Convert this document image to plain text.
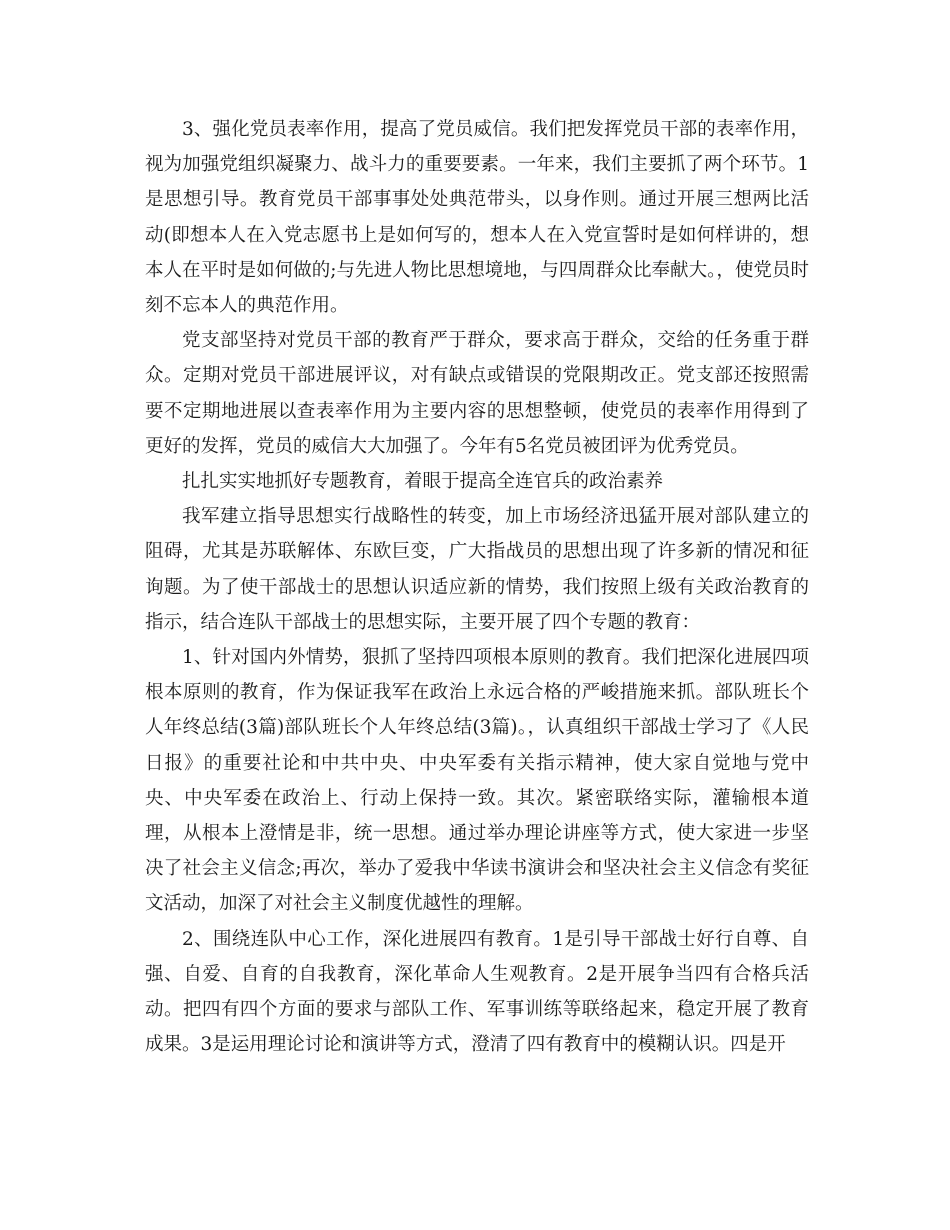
3、强化党员表率作用，提高了党员威信。我们把发挥党员干部的表率作用，视为加强党组织凝聚力、战斗力的重要要素。一年来，我们主要抓了两个环节。1是思想引导。教育党员干部事事处处典范带头，以身作则。通过开展三想两比活动(即想本人在入党志愿书上是如何写的，想本人在入党宣誓时是如何样讲的，想本人在平时是如何做的;与先进人物比思想境地，与四周群众比奉献大。，使党员时刻不忘本人的典范作用。

党支部坚持对党员干部的教育严于群众，要求高于群众，交给的任务重于群众。定期对党员干部进展评议，对有缺点或错误的党限期改正。党支部还按照需要不定期地进展以查表率作用为主要内容的思想整顿，使党员的表率作用得到了更好的发挥，党员的威信大大加强了。今年有5名党员被团评为优秀党员。

扎扎实实地抓好专题教育，着眼于提高全连官兵的政治素养

我军建立指导思想实行战略性的转变，加上市场经济迅猛开展对部队建立的阻碍，尤其是苏联解体、东欧巨变，广大指战员的思想出现了许多新的情况和征询题。为了使干部战士的思想认识适应新的情势，我们按照上级有关政治教育的指示，结合连队干部战士的思想实际，主要开展了四个专题的教育：

1、针对国内外情势，狠抓了坚持四项根本原则的教育。我们把深化进展四项根本原则的教育，作为保证我军在政治上永远合格的严峻措施来抓。部队班长个人年终总结(3篇)部队班长个人年终总结(3篇)。，认真组织干部战士学习了《人民日报》的重要社论和中共中央、中央军委有关指示精神，使大家自觉地与党中央、中央军委在政治上、行动上保持一致。其次。紧密联络实际，灌输根本道理，从根本上澄情是非，统一思想。通过举办理论讲座等方式，使大家进一步坚决了社会主义信念;再次，举办了爱我中华读书演讲会和坚决社会主义信念有奖征文活动，加深了对社会主义制度优越性的理解。

2、围绕连队中心工作，深化进展四有教育。1是引导干部战士好行自尊、自强、自爱、自育的自我教育，深化革命人生观教育。2是开展争当四有合格兵活动。把四有四个方面的要求与部队工作、军事训练等联络起来，稳定开展了教育成果。3是运用理论讨论和演讲等方式，澄清了四有教育中的模糊认识。四是开
